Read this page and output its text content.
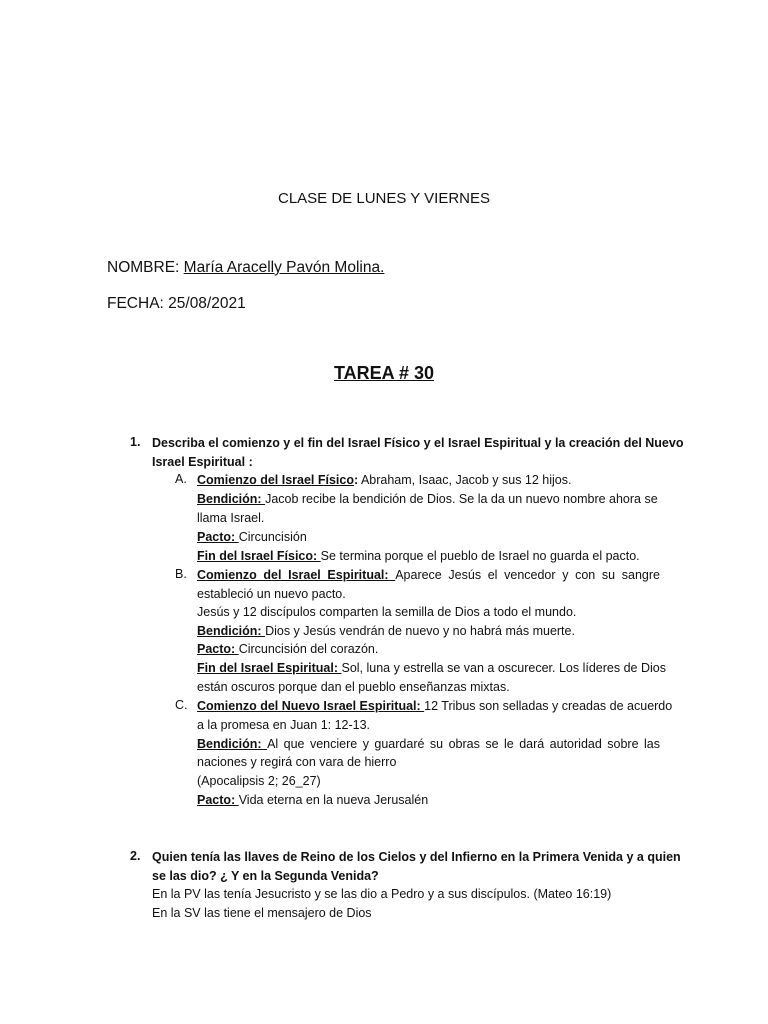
CLASE DE LUNES Y VIERNES
NOMBRE: María Aracelly Pavón Molina.
FECHA: 25/08/2021
TAREA # 30
1. Describa el comienzo y el fin del Israel Físico y el Israel Espiritual y la creación del Nuevo
Israel Espiritual :
A. Comienzo del Israel Físico: Abraham, Isaac, Jacob y sus 12 hijos.
Bendición: Jacob recibe la bendición de Dios. Se la da un nuevo nombre ahora se
llama Israel.
Pacto: Circuncisión
Fin del Israel Físico: Se termina porque el pueblo de Israel no guarda el pacto.
B. Comienzo del Israel Espiritual: Aparece Jesús el vencedor y con su sangre
estableció un nuevo pacto.
Jesús y 12 discípulos comparten la semilla de Dios a todo el mundo.
Bendición: Dios y Jesús vendrán de nuevo y no habrá más muerte.
Pacto: Circuncisión del corazón.
Fin del Israel Espiritual: Sol, luna y estrella se van a oscurecer. Los líderes de Dios
están oscuros porque dan el pueblo enseñanzas mixtas.
C. Comienzo del Nuevo Israel Espiritual: 12 Tribus son selladas y creadas de acuerdo
a la promesa en Juan 1: 12-13.
Bendición: Al que venciere y guardaré su obras se le dará autoridad sobre las
naciones y regirá con vara de hierro
(Apocalipsis 2; 26_27)
Pacto: Vida eterna en la nueva Jerusalén
2. Quien tenía las llaves de Reino de los Cielos y del Infierno en la Primera Venida y a quien
se las dio? ¿ Y en la Segunda Venida?
En la PV las tenía Jesucristo y se las dio a Pedro y a sus discípulos. (Mateo 16:19)
En la SV las tiene el mensajero de Dios
